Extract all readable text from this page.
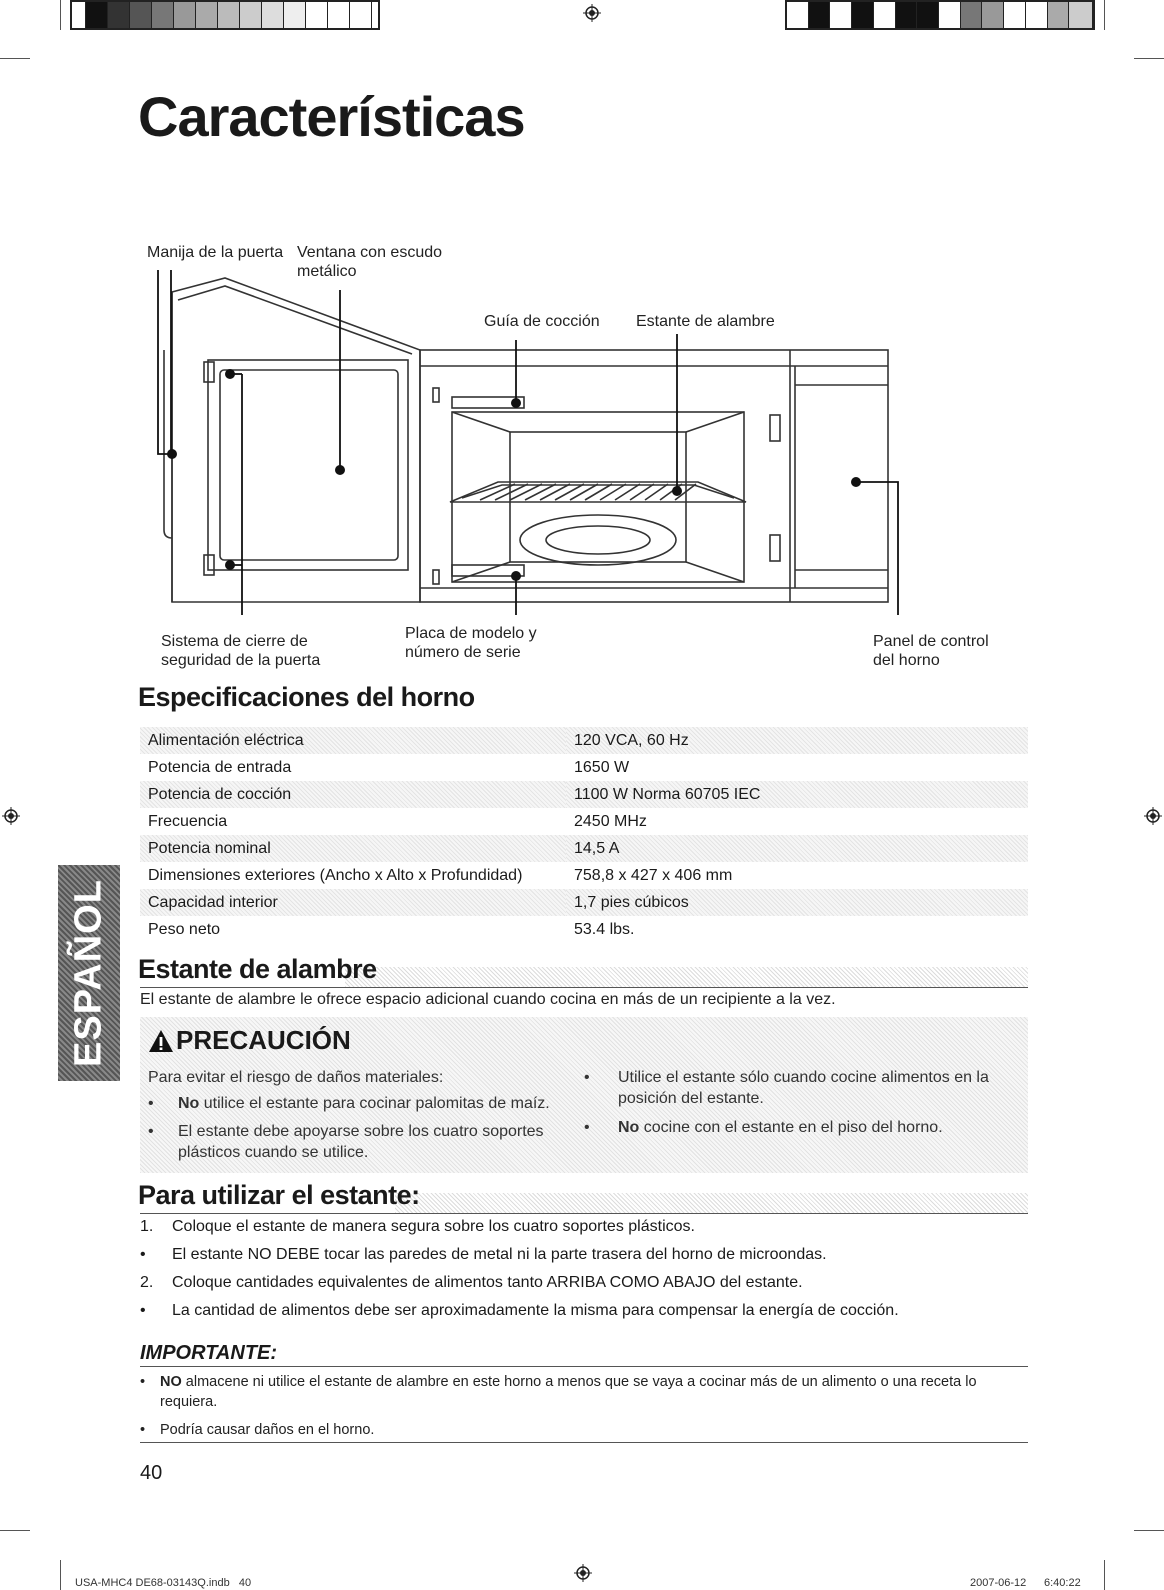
Características
Manija de la puerta Ventana con escudo
metálico
Guía de cocción Estante de alambre
Sistema de cierre de
seguridad de la puerta
Placa de modelo y
número de serie
Panel de control
del horno
Especificaciones del horno
Alimentación eléctrica	120 VCA, 60 Hz
Potencia de entrada	1650 W
Potencia de cocción	1100 W Norma 60705 IEC
Frecuencia	2450 MHz
Potencia nominal	14,5 A
Dimensiones exteriores (Ancho x Alto x Profundidad)	758,8 x 427 x 406 mm
Capacidad interior	1,7 pies cúbicos
Peso neto	53.4 lbs.
Estante de alambre
El estante de alambre le ofrece espacio adicional cuando cocina en más de un recipiente a la vez.
PRECAUCIÓN
Para evitar el riesgo de daños materiales:
• No utilice el estante para cocinar palomitas de maíz.
• El estante debe apoyarse sobre los cuatro soportes
plásticos cuando se utilice.
• Utilice el estante sólo cuando cocine alimentos en la
posición del estante.
• No cocine con el estante en el piso del horno.
Para utilizar el estante:
1.	Coloque el estante de manera segura sobre los cuatro soportes plásticos.
•	El estante NO DEBE tocar las paredes de metal ni la parte trasera del horno de microondas.
2.	Coloque cantidades equivalentes de alimentos tanto ARRIBA COMO ABAJO del estante.
•	La cantidad de alimentos debe ser aproximadamente la misma para compensar la energía de cocción.
IMPORTANTE:
• NO almacene ni utilice el estante de alambre en este horno a menos que se vaya a cocinar más de un alimento o una receta lo
requiera.
• Podría causar daños en el horno.
40
ESPAÑOL
USA-MHC4 DE68-03143Q.indb   40	2007-06-12 6:40:22
